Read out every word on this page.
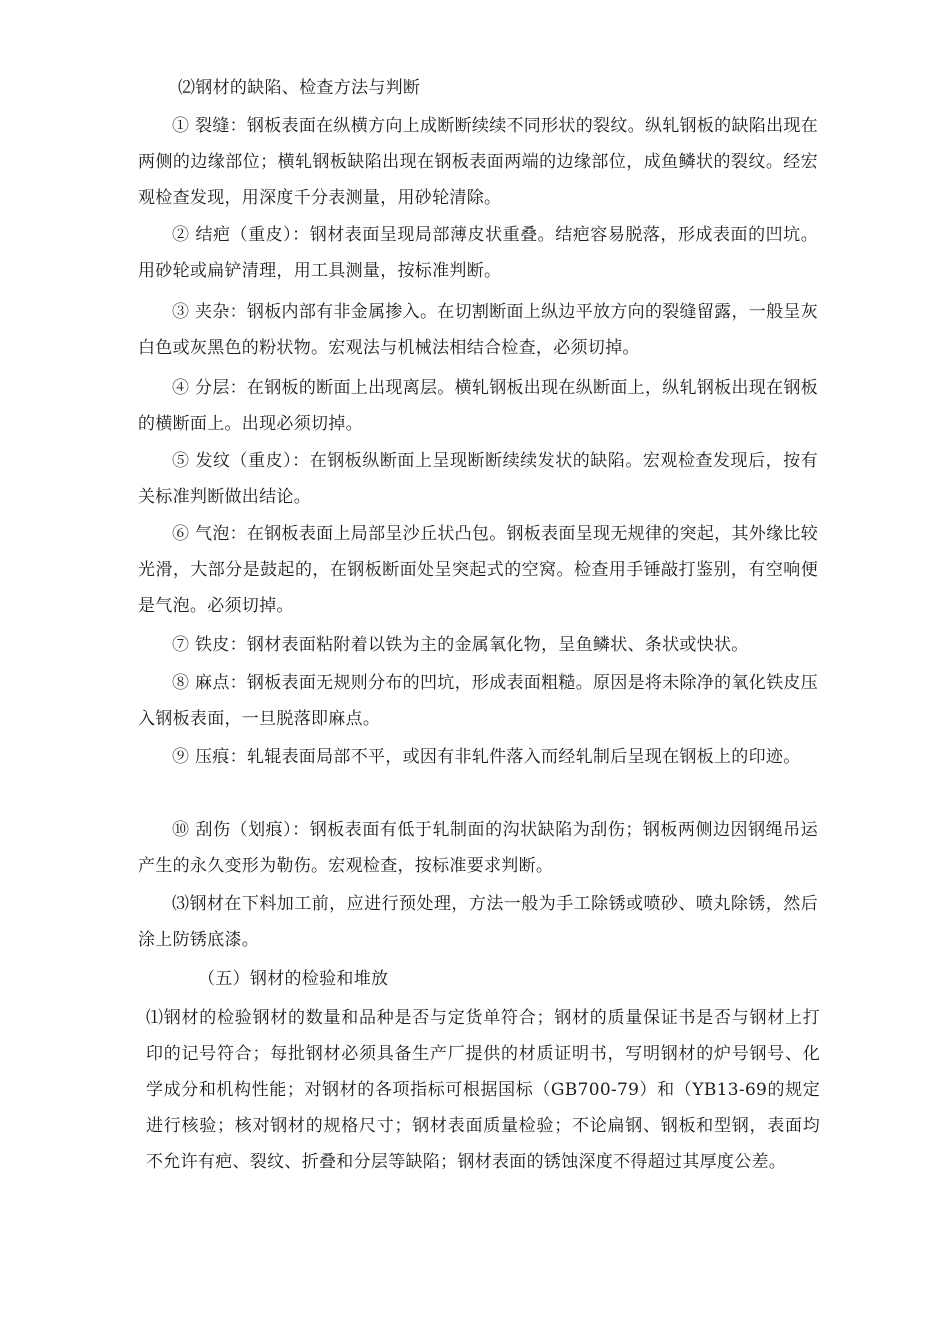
⑵钢材的缺陷、检查方法与判断

① 裂缝：钢板表面在纵横方向上成断断续续不同形状的裂纹。纵轧钢板的缺陷出现在两侧的边缘部位；横轧钢板缺陷出现在钢板表面两端的边缘部位，成鱼鳞状的裂纹。经宏观检查发现，用深度千分表测量，用砂轮清除。

② 结疤（重皮）：钢材表面呈现局部薄皮状重叠。结疤容易脱落，形成表面的凹坑。用砂轮或扁铲清理，用工具测量，按标准判断。

③ 夹杂：钢板内部有非金属掺入。在切割断面上纵边平放方向的裂缝留露，一般呈灰白色或灰黑色的粉状物。宏观法与机械法相结合检查，必须切掉。

④ 分层：在钢板的断面上出现离层。横轧钢板出现在纵断面上，纵轧钢板出现在钢板的横断面上。出现必须切掉。

⑤ 发纹（重皮）：在钢板纵断面上呈现断断续续发状的缺陷。宏观检查发现后，按有关标准判断做出结论。

⑥ 气泡：在钢板表面上局部呈沙丘状凸包。钢板表面呈现无规律的突起，其外缘比较光滑，大部分是鼓起的，在钢板断面处呈突起式的空窝。检查用手锤敲打鉴别，有空响便是气泡。必须切掉。

⑦ 铁皮：钢材表面粘附着以铁为主的金属氧化物，呈鱼鳞状、条状或快状。

⑧ 麻点：钢板表面无规则分布的凹坑，形成表面粗糙。原因是将未除净的氧化铁皮压入钢板表面，一旦脱落即麻点。

⑨ 压痕：轧辊表面局部不平，或因有非轧件落入而经轧制后呈现在钢板上的印迹。

⑩ 刮伤（划痕）：钢板表面有低于轧制面的沟状缺陷为刮伤；钢板两侧边因钢绳吊运产生的永久变形为勒伤。宏观检查，按标准要求判断。

⑶钢材在下料加工前，应进行预处理，方法一般为手工除锈或喷砂、喷丸除锈，然后涂上防锈底漆。

（五）钢材的检验和堆放

⑴钢材的检验钢材的数量和品种是否与定货单符合；钢材的质量保证书是否与钢材上打印的记号符合；每批钢材必须具备生产厂提供的材质证明书，写明钢材的炉号钢号、化学成分和机构性能；对钢材的各项指标可根据国标（GB700-79）和（YB13-69的规定进行核验；核对钢材的规格尺寸；钢材表面质量检验；不论扁钢、钢板和型钢，表面均不允许有疤、裂纹、折叠和分层等缺陷；钢材表面的锈蚀深度不得超过其厚度公差。
